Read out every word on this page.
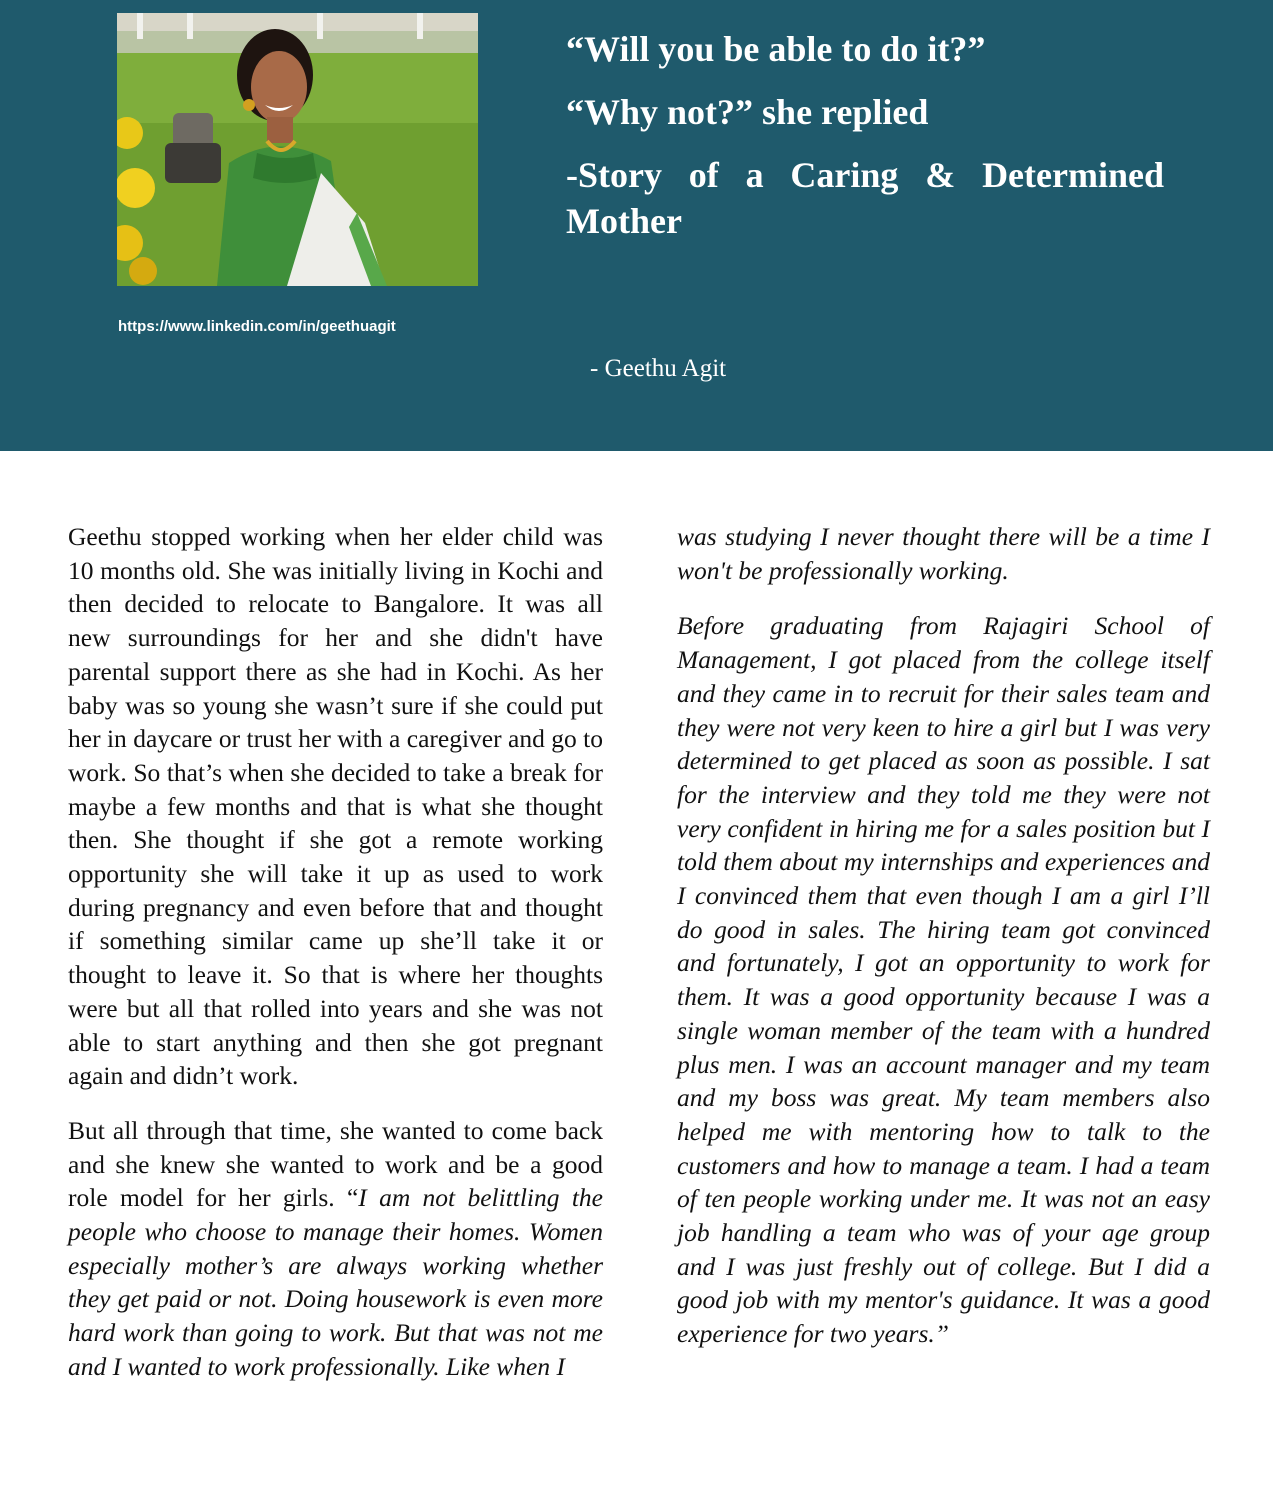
https://www.linkedin.com/in/geethuagit
“Will you be able to do it?”
“Why not?” she replied
-Story of a Caring & Determined Mother
- Geethu Agit

Geethu stopped working when her elder child was 10 months old. She was initially living in Kochi and then decided to relocate to Bangalore. It was all new surroundings for her and she didn't have parental support there as she had in Kochi. As her baby was so young she wasn’t sure if she could put her in daycare or trust her with a caregiver and go to work. So that’s when she decided to take a break for maybe a few months and that is what she thought then. She thought if she got a remote working opportunity she will take it up as used to work during pregnancy and even before that and thought if something similar came up she’ll take it or thought to leave it. So that is where her thoughts were but all that rolled into years and she was not able to start anything and then she got pregnant again and didn’t work.

But all through that time, she wanted to come back and she knew she wanted to work and be a good role model for her girls. “I am not belittling the people who choose to manage their homes. Women especially mother’s are always working whether they get paid or not. Doing housework is even more hard work than going to work. But that was not me and I wanted to work professionally. Like when I

was studying I never thought there will be a time I won't be professionally working.

Before graduating from Rajagiri School of Management, I got placed from the college itself and they came in to recruit for their sales team and they were not very keen to hire a girl but I was very determined to get placed as soon as possible. I sat for the interview and they told me they were not very confident in hiring me for a sales position but I told them about my internships and experiences and I convinced them that even though I am a girl I’ll do good in sales. The hiring team got convinced and fortunately, I got an opportunity to work for them. It was a good opportunity because I was a single woman member of the team with a hundred plus men. I was an account manager and my team and my boss was great. My team members also helped me with mentoring how to talk to the customers and how to manage a team. I had a team of ten people working under me. It was not an easy job handling a team who was of your age group and I was just freshly out of college. But I did a good job with my mentor's guidance. It was a good experience for two years.”
